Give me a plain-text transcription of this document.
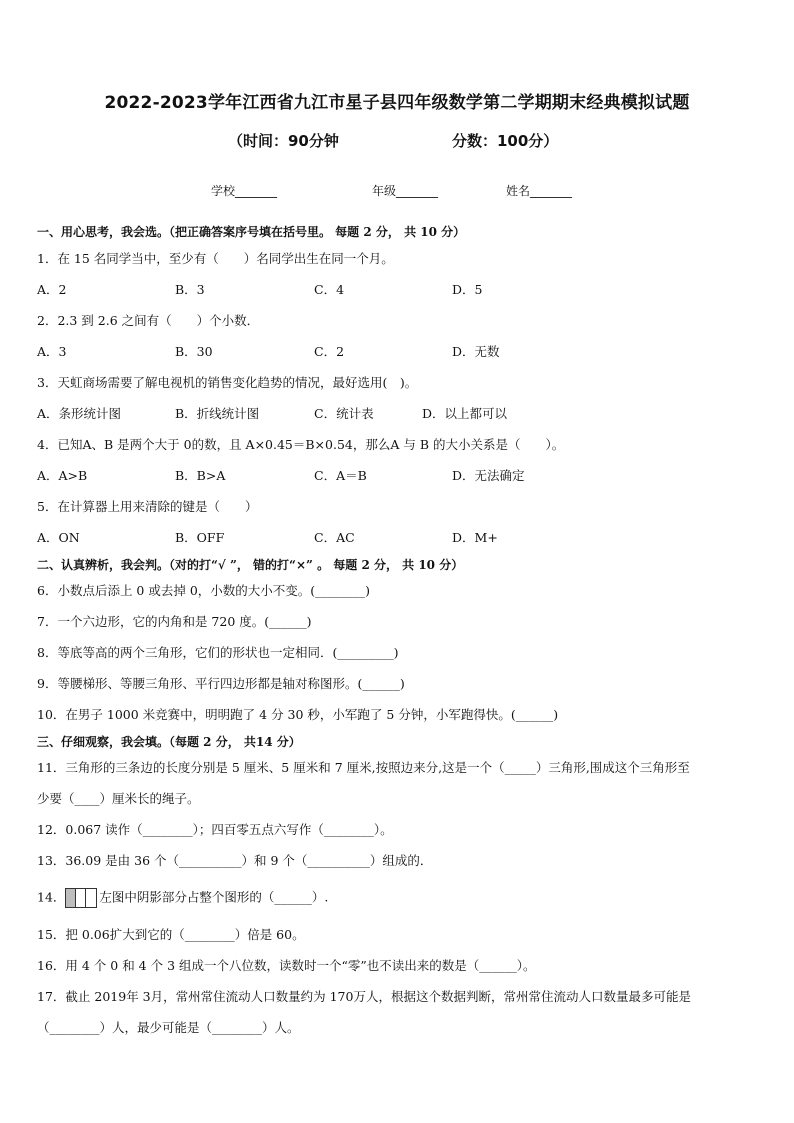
2022-2023学年江西省九江市星子县四年级数学第二学期期末经典模拟试题
（时间：90分钟	分数：100分）
学校_______	年级_______	姓名_______
一、用心思考，我会选。（把正确答案序号填在括号里。 每题 2 分， 共 10 分）
1．在 15 名同学当中，至少有（　　）名同学出生在同一个月。
A．2	B．3	C．4	D．5
2．2.3 到 2.6 之间有（　　）个小数．
A．3	B．30	C．2	D．无数
3．天虹商场需要了解电视机的销售变化趋势的情况，最好选用(　)。
A．条形统计图	B．折线统计图	C．统计表	D．以上都可以
4．已知A、B 是两个大于 0的数，且 A×0.45＝B×0.54，那么A 与 B 的大小关系是（　　）。
A．A>B	B．B>A	C．A＝B	D．无法确定
5．在计算器上用来清除的键是（　　）
A．ON	B．OFF	C．AC	D．M+
二、认真辨析，我会判。（对的打“√ ”， 错的打“×” 。 每题 2 分， 共 10 分）
6．小数点后添上 0 或去掉 0，小数的大小不变。(________)
7．一个六边形，它的内角和是 720 度。(______)
8．等底等高的两个三角形，它们的形状也一定相同．(_________)
9．等腰梯形、等腰三角形、平行四边形都是轴对称图形。(______)
10．在男子 1000 米竞赛中，明明跑了 4 分 30 秒，小军跑了 5 分钟，小军跑得快。(______)
三、仔细观察，我会填。（每题 2 分， 共14 分）
11．三角形的三条边的长度分别是 5 厘米、5 厘米和 7 厘米,按照边来分,这是一个（_____）三角形,围成这个三角形至
少要（____）厘米长的绳子。
12．0.067 读作（________）；四百零五点六写作（________）。
13．36.09 是由 36 个（__________）和 9 个（__________）组成的．
14．	左图中阴影部分占整个图形的（______）.
15．把 0.06扩大到它的（________）倍是 60。
16．用 4 个 0 和 4 个 3 组成一个八位数，读数时一个“零”也不读出来的数是（______）。
17．截止 2019年 3月，常州常住流动人口数量约为 170万人，根据这个数据判断，常州常住流动人口数量最多可能是
（________）人，最少可能是（________）人。
